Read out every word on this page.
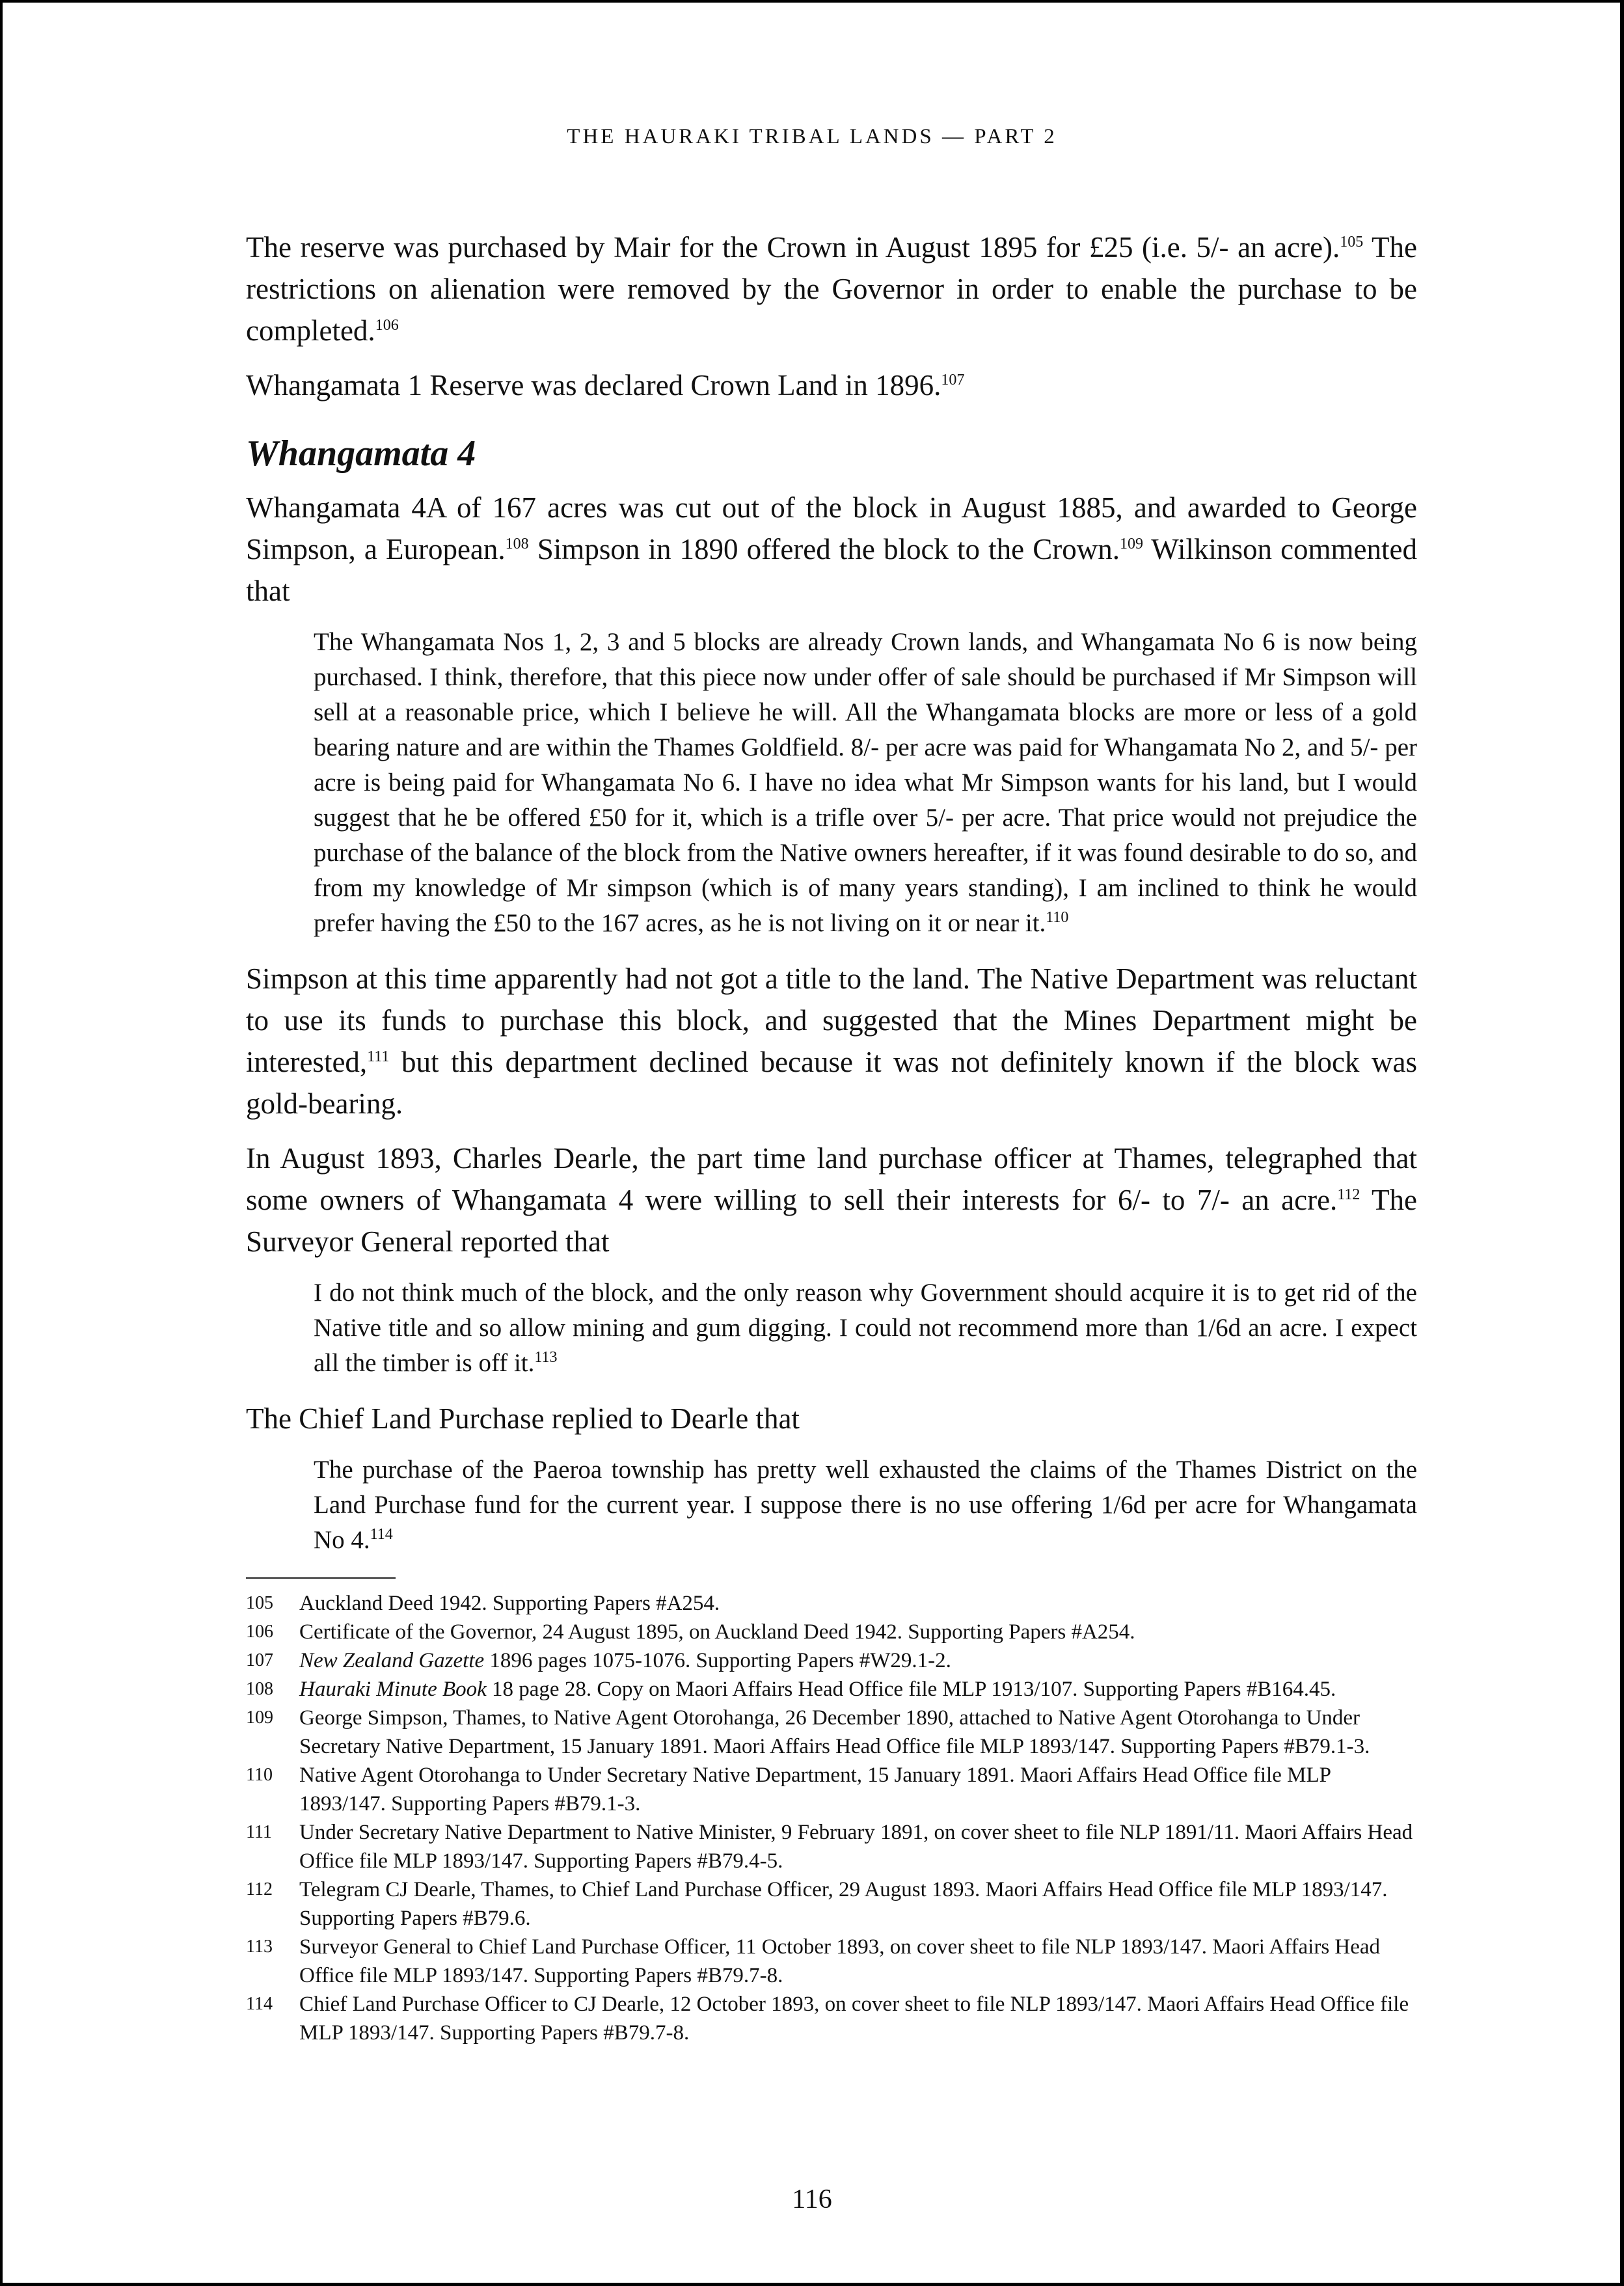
THE HAURAKI TRIBAL LANDS — PART 2

The reserve was purchased by Mair for the Crown in August 1895 for £25 (i.e. 5/- an acre).$^{105}$ The restrictions on alienation were removed by the Governor in order to enable the purchase to be completed.$^{106}$

Whangamata 1 Reserve was declared Crown Land in 1896.$^{107}$

Whangamata 4

Whangamata 4A of 167 acres was cut out of the block in August 1885, and awarded to George Simpson, a European.$^{108}$ Simpson in 1890 offered the block to the Crown.$^{109}$ Wilkinson commented that

The Whangamata Nos 1, 2, 3 and 5 blocks are already Crown lands, and Whangamata No 6 is now being purchased. I think, therefore, that this piece now under offer of sale should be purchased if Mr Simpson will sell at a reasonable price, which I believe he will. All the Whangamata blocks are more or less of a gold bearing nature and are within the Thames Goldfield. 8/- per acre was paid for Whangamata No 2, and 5/- per acre is being paid for Whangamata No 6. I have no idea what Mr Simpson wants for his land, but I would suggest that he be offered £50 for it, which is a trifle over 5/- per acre. That price would not prejudice the purchase of the balance of the block from the Native owners hereafter, if it was found desirable to do so, and from my knowledge of Mr simpson (which is of many years standing), I am inclined to think he would prefer having the £50 to the 167 acres, as he is not living on it or near it.$^{110}$

Simpson at this time apparently had not got a title to the land. The Native Department was reluctant to use its funds to purchase this block, and suggested that the Mines Department might be interested,$^{111}$ but this department declined because it was not definitely known if the block was gold-bearing.

In August 1893, Charles Dearle, the part time land purchase officer at Thames, telegraphed that some owners of Whangamata 4 were willing to sell their interests for 6/- to 7/- an acre.$^{112}$ The Surveyor General reported that

I do not think much of the block, and the only reason why Government should acquire it is to get rid of the Native title and so allow mining and gum digging. I could not recommend more than 1/6d an acre. I expect all the timber is off it.$^{113}$

The Chief Land Purchase replied to Dearle that

The purchase of the Paeroa township has pretty well exhausted the claims of the Thames District on the Land Purchase fund for the current year. I suppose there is no use offering 1/6d per acre for Whangamata No 4.$^{114}$

105	Auckland Deed 1942. Supporting Papers #A254.
106	Certificate of the Governor, 24 August 1895, on Auckland Deed 1942. Supporting Papers #A254.
107	New Zealand Gazette 1896 pages 1075-1076. Supporting Papers #W29.1-2.
108	Hauraki Minute Book 18 page 28. Copy on Maori Affairs Head Office file MLP 1913/107. Supporting Papers #B164.45.
109	George Simpson, Thames, to Native Agent Otorohanga, 26 December 1890, attached to Native Agent Otorohanga to Under Secretary Native Department, 15 January 1891. Maori Affairs Head Office file MLP 1893/147. Supporting Papers #B79.1-3.
110	Native Agent Otorohanga to Under Secretary Native Department, 15 January 1891. Maori Affairs Head Office file MLP 1893/147. Supporting Papers #B79.1-3.
111	Under Secretary Native Department to Native Minister, 9 February 1891, on cover sheet to file NLP 1891/11. Maori Affairs Head Office file MLP 1893/147. Supporting Papers #B79.4-5.
112	Telegram CJ Dearle, Thames, to Chief Land Purchase Officer, 29 August 1893. Maori Affairs Head Office file MLP 1893/147. Supporting Papers #B79.6.
113	Surveyor General to Chief Land Purchase Officer, 11 October 1893, on cover sheet to file NLP 1893/147. Maori Affairs Head Office file MLP 1893/147. Supporting Papers #B79.7-8.
114	Chief Land Purchase Officer to CJ Dearle, 12 October 1893, on cover sheet to file NLP 1893/147. Maori Affairs Head Office file MLP 1893/147. Supporting Papers #B79.7-8.
116
